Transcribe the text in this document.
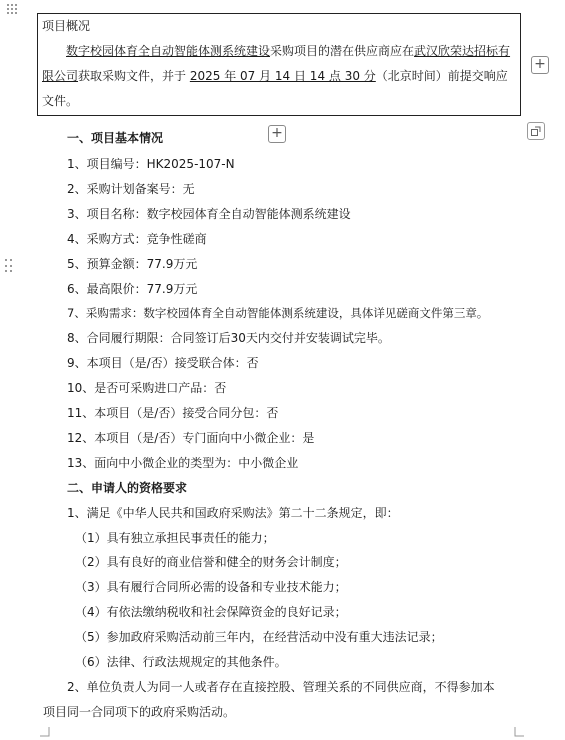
项目概况
数字校园体育全自动智能体测系统建设采购项目的潜在供应商应在武汉欣荣达招标有限公司获取采购文件，并于 2025 年 07 月 14 日 14 点 30 分（北京时间）前提交响应文件。
+
+
一、项目基本情况
1、项目编号：HK2025-107-N
2、采购计划备案号：无
3、项目名称：数字校园体育全自动智能体测系统建设
4、采购方式：竞争性磋商
5、预算金额：77.9万元
6、最高限价：77.9万元
7、采购需求：数字校园体育全自动智能体测系统建设，具体详见磋商文件第三章。
8、合同履行期限：合同签订后30天内交付并安装调试完毕。
9、本项目（是/否）接受联合体：否
10、是否可采购进口产品：否
11、本项目（是/否）接受合同分包：否
12、本项目（是/否）专门面向中小微企业：是
13、面向中小微企业的类型为：中小微企业
二、申请人的资格要求
1、满足《中华人民共和国政府采购法》第二十二条规定，即：
（1）具有独立承担民事责任的能力；
（2）具有良好的商业信誉和健全的财务会计制度；
（3）具有履行合同所必需的设备和专业技术能力；
（4）有依法缴纳税收和社会保障资金的良好记录；
（5）参加政府采购活动前三年内，在经营活动中没有重大违法记录；
（6）法律、行政法规规定的其他条件。
2、单位负责人为同一人或者存在直接控股、管理关系的不同供应商，不得参加本
项目同一合同项下的政府采购活动。
